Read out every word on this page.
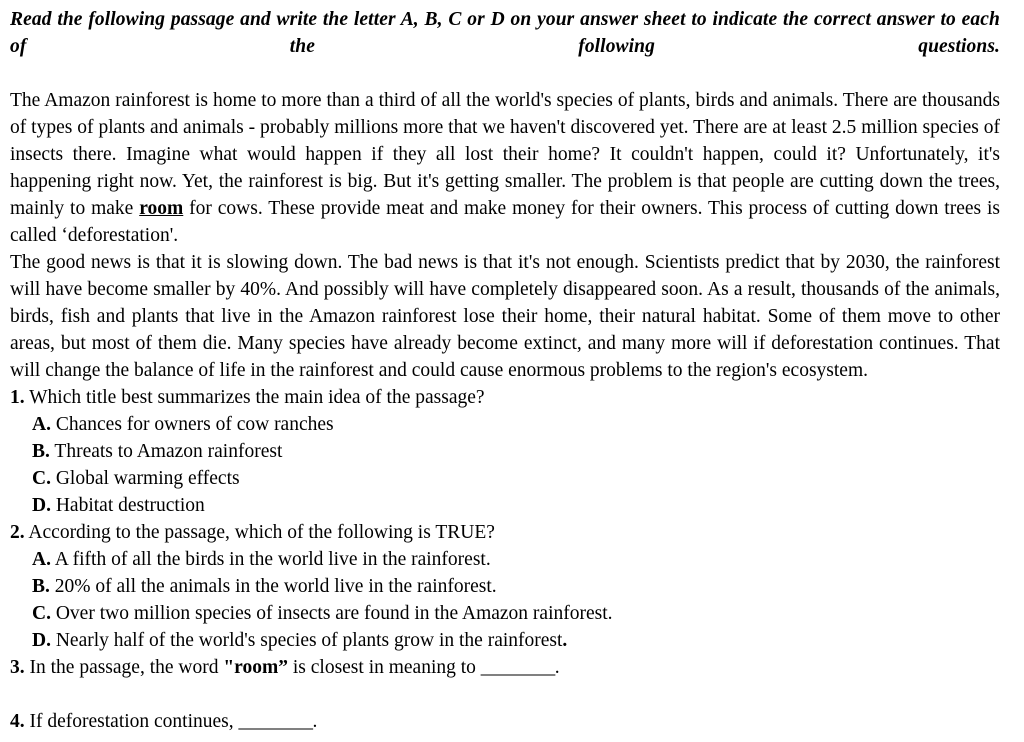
Read the following passage and write the letter A, B, C or D on your answer sheet to indicate the correct answer to each of the following questions.

The Amazon rainforest is home to more than a third of all the world's species of plants, birds and animals. There are thousands of types of plants and animals - probably millions more that we haven't discovered yet. There are at least 2.5 million species of insects there. Imagine what would happen if they all lost their home? It couldn't happen, could it? Unfortunately, it's happening right now. Yet, the rainforest is big. But it's getting smaller. The problem is that people are cutting down the trees, mainly to make room for cows. These provide meat and make money for their owners. This process of cutting down trees is called ‘deforestation'.

The good news is that it is slowing down. The bad news is that it's not enough. Scientists predict that by 2030, the rainforest will have become smaller by 40%. And possibly will have completely disappeared soon. As a result, thousands of the animals, birds, fish and plants that live in the Amazon rainforest lose their home, their natural habitat. Some of them move to other areas, but most of them die. Many species have already become extinct, and many more will if deforestation continues. That will change the balance of life in the rainforest and could cause enormous problems to the region's ecosystem.

1. Which title best summarizes the main idea of the passage?
A. Chances for owners of cow ranches
B. Threats to Amazon rainforest
C. Global warming effects
D. Habitat destruction
2. According to the passage, which of the following is TRUE?
A. A fifth of all the birds in the world live in the rainforest.
B. 20% of all the animals in the world live in the rainforest.
C. Over two million species of insects are found in the Amazon rainforest.
D. Nearly half of the world's species of plants grow in the rainforest.
3. In the passage, the word "room” is closest in meaning to ________.
4. If deforestation continues, ________.
